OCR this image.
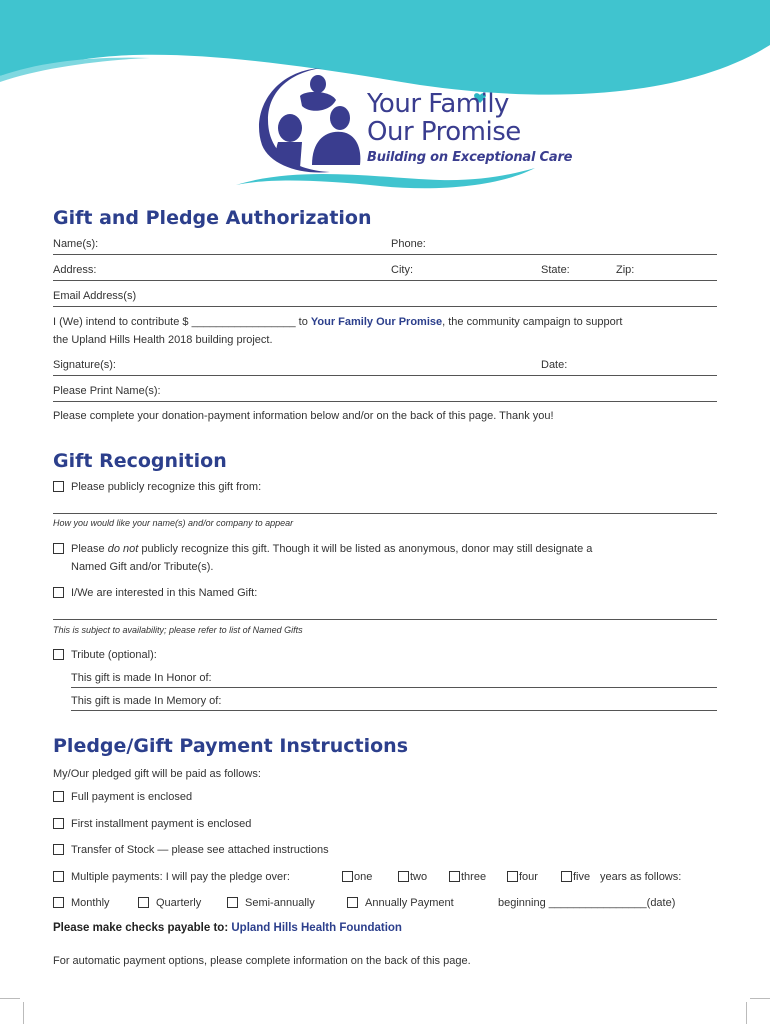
Your Family
Our Promise
Building on Exceptional Care
Gift and Pledge Authorization
Name(s):	Phone:
Address:	City:	State:	Zip:
Email Address(s)
I (We) intend to contribute $ _________________ to Your Family Our Promise, the community campaign to support
the Upland Hills Health 2018 building project.
Signature(s):	Date:
Please Print Name(s):
Please complete your donation-payment information below and/or on the back of this page. Thank you!
Gift Recognition
Please publicly recognize this gift from:
How you would like your name(s) and/or company to appear
Please do not publicly recognize this gift. Though it will be listed as anonymous, donor may still designate a
Named Gift and/or Tribute(s).
I/We are interested in this Named Gift:
This is subject to availability; please refer to list of Named Gifts
Tribute (optional):
This gift is made In Honor of:
This gift is made In Memory of:
Pledge/Gift Payment Instructions
My/Our pledged gift will be paid as follows:
Full payment is enclosed
First installment payment is enclosed
Transfer of Stock — please see attached instructions
Multiple payments: I will pay the pledge over:	one	two	three	four	five years as follows:
Monthly	Quarterly	Semi-annually	Annually Payment	beginning ________________(date)
Please make checks payable to: Upland Hills Health Foundation
For automatic payment options, please complete information on the back of this page.
